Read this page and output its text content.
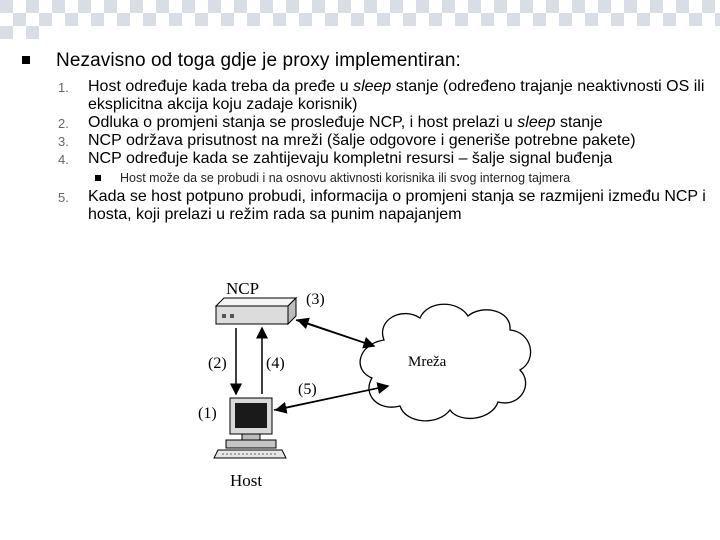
Nezavisno od toga gdje je proxy implementiran:
1. Host određuje kada treba da pređe u sleep stanje (određeno trajanje neaktivnosti OS ili eksplicitna akcija koju zadaje korisnik)
2. Odluka o promjeni stanja se prosleđuje NCP, i host prelazi u sleep stanje
3. NCP održava prisutnost na mreži (šalje odgovore i generiše potrebne pakete)
4. NCP određuje kada se zahtijevaju kompletni resursi – šalje signal buđenja
Host može da se probudi i na osnovu aktivnosti korisnika ili svog internog tajmera
5. Kada se host potpuno probudi, informacija o promjeni stanja se razmijeni između NCP i hosta, koji prelazi u režim rada sa punim napajanjem
NCP
Mreža
Host
(3)
(2) (4)
(5)
(1)
